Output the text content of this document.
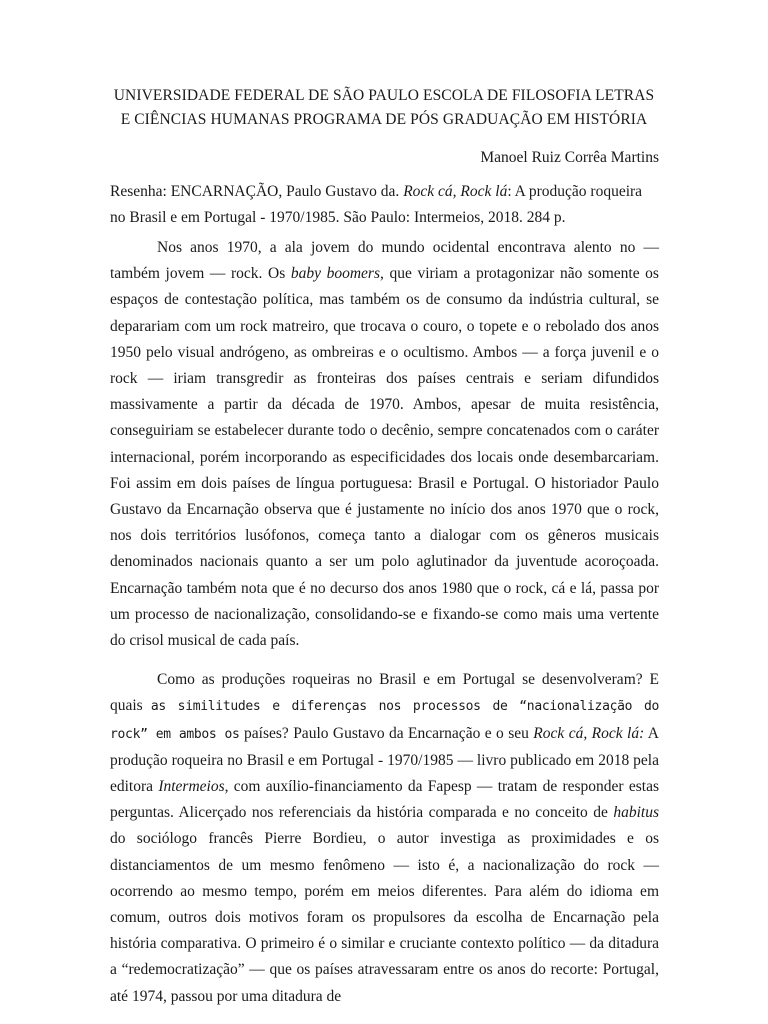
UNIVERSIDADE FEDERAL DE SÃO PAULO ESCOLA DE FILOSOFIA LETRAS
E CIÊNCIAS HUMANAS PROGRAMA DE PÓS GRADUAÇÃO EM HISTÓRIA
Manoel Ruiz Corrêa Martins
Resenha: ENCARNAÇÃO, Paulo Gustavo da. Rock cá, Rock lá: A produção roqueira no Brasil e em Portugal - 1970/1985. São Paulo: Intermeios, 2018. 284 p.

Nos anos 1970, a ala jovem do mundo ocidental encontrava alento no — também jovem — rock. Os baby boomers, que viriam a protagonizar não somente os espaços de contestação política, mas também os de consumo da indústria cultural, se deparariam com um rock matreiro, que trocava o couro, o topete e o rebolado dos anos 1950 pelo visual andrógeno, as ombreiras e o ocultismo. Ambos — a força juvenil e o rock — iriam transgredir as fronteiras dos países centrais e seriam difundidos massivamente a partir da década de 1970. Ambos, apesar de muita resistência, conseguiriam se estabelecer durante todo o decênio, sempre concatenados com o caráter internacional, porém incorporando as especificidades dos locais onde desembarcariam. Foi assim em dois países de língua portuguesa: Brasil e Portugal. O historiador Paulo Gustavo da Encarnação observa que é justamente no início dos anos 1970 que o rock, nos dois territórios lusófonos, começa tanto a dialogar com os gêneros musicais denominados nacionais quanto a ser um polo aglutinador da juventude acoroçoada. Encarnação também nota que é no decurso dos anos 1980 que o rock, cá e lá, passa por um processo de nacionalização, consolidando-se e fixando-se como mais uma vertente do crisol musical de cada país.

Como as produções roqueiras no Brasil e em Portugal se desenvolveram? E quais as similitudes e diferenças nos processos de “nacionalização do rock” em ambos os países? Paulo Gustavo da Encarnação e o seu Rock cá, Rock lá: A produção roqueira no Brasil e em Portugal - 1970/1985 — livro publicado em 2018 pela editora Intermeios, com auxílio-financiamento da Fapesp — tratam de responder estas perguntas. Alicerçado nos referenciais da história comparada e no conceito de habitus do sociólogo francês Pierre Bordieu, o autor investiga as proximidades e os distanciamentos de um mesmo fenômeno — isto é, a nacionalização do rock — ocorrendo ao mesmo tempo, porém em meios diferentes. Para além do idioma em comum, outros dois motivos foram os propulsores da escolha de Encarnação pela história comparativa. O primeiro é o similar e cruciante contexto político — da ditadura a “redemocratização” — que os países atravessaram entre os anos do recorte: Portugal, até 1974, passou por uma ditadura de
